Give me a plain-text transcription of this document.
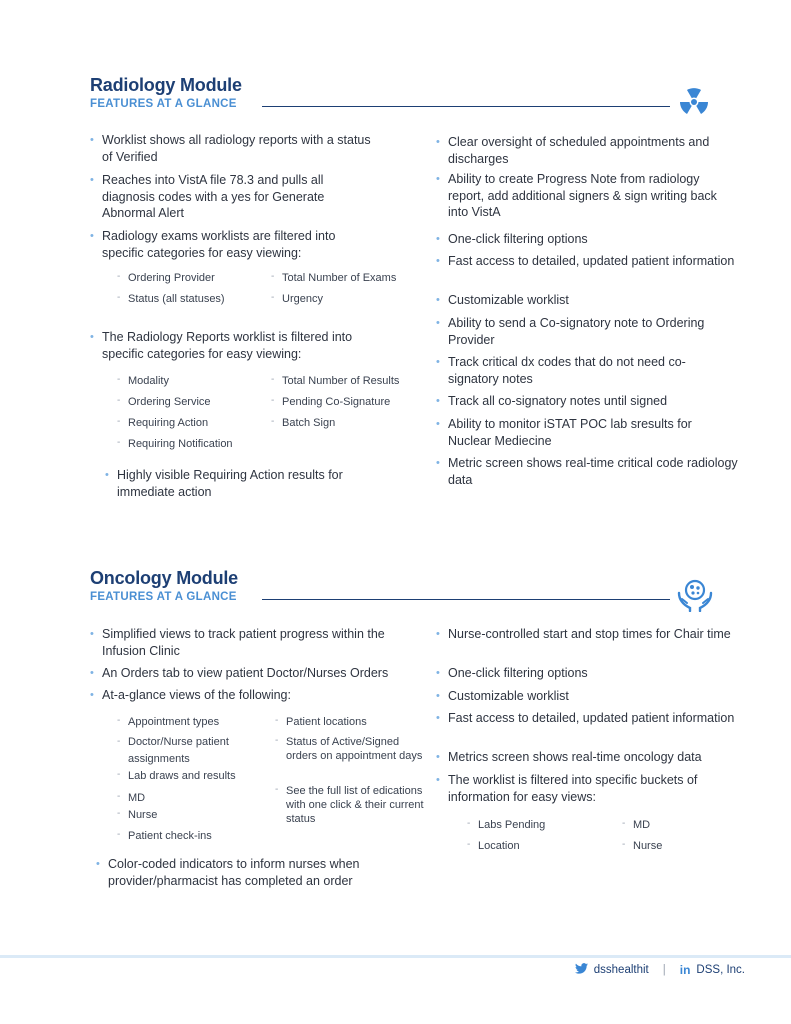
Radiology Module
FEATURES AT A GLANCE
• Worklist shows all radiology reports with a status of Verified
• Reaches into VistA file 78.3 and pulls all diagnosis codes with a yes for Generate Abnormal Alert
• Radiology exams worklists are filtered into specific categories for easy viewing:
- Ordering Provider
- Status (all statuses)
- Total Number of Exams
- Urgency
• The Radiology Reports worklist is filtered into specific categories for easy viewing:
- Modality
- Ordering Service
- Requiring Action
- Requiring Notification
- Total Number of Results
- Pending Co-Signature
- Batch Sign
• Highly visible Requiring Action results for immediate action
• Clear oversight of scheduled appointments and discharges
• Ability to create Progress Note from radiology report, add additional signers & sign writing back into VistA
• One-click filtering options
• Fast access to detailed, updated patient information
• Customizable worklist
• Ability to send a Co-signatory note to Ordering Provider
• Track critical dx codes that do not need co-signatory notes
• Track all co-signatory notes until signed
• Ability to monitor iSTAT POC lab sresults for Nuclear Mediecine
• Metric screen shows real-time critical code radiology data
Oncology Module
FEATURES AT A GLANCE
• Simplified views to track patient progress within the Infusion Clinic
• An Orders tab to view patient Doctor/Nurses Orders
• At-a-glance views of the following:
- Appointment types
- Doctor/Nurse patient assignments
- Lab draws and results
- MD
- Nurse
- Patient check-ins
- Patient locations
- Status of Active/Signed orders on appointment days
- See the full list of edications with one click & their current status
• Color-coded indicators to inform nurses when provider/pharmacist has completed an order
• Nurse-controlled start and stop times for Chair time
• One-click filtering options
• Customizable worklist
• Fast access to detailed, updated patient information
• Metrics screen shows real-time oncology data
• The worklist is filtered into specific buckets of information for easy views:
- Labs Pending
- Location
- MD
- Nurse
dsshealthit | in DSS, Inc.
